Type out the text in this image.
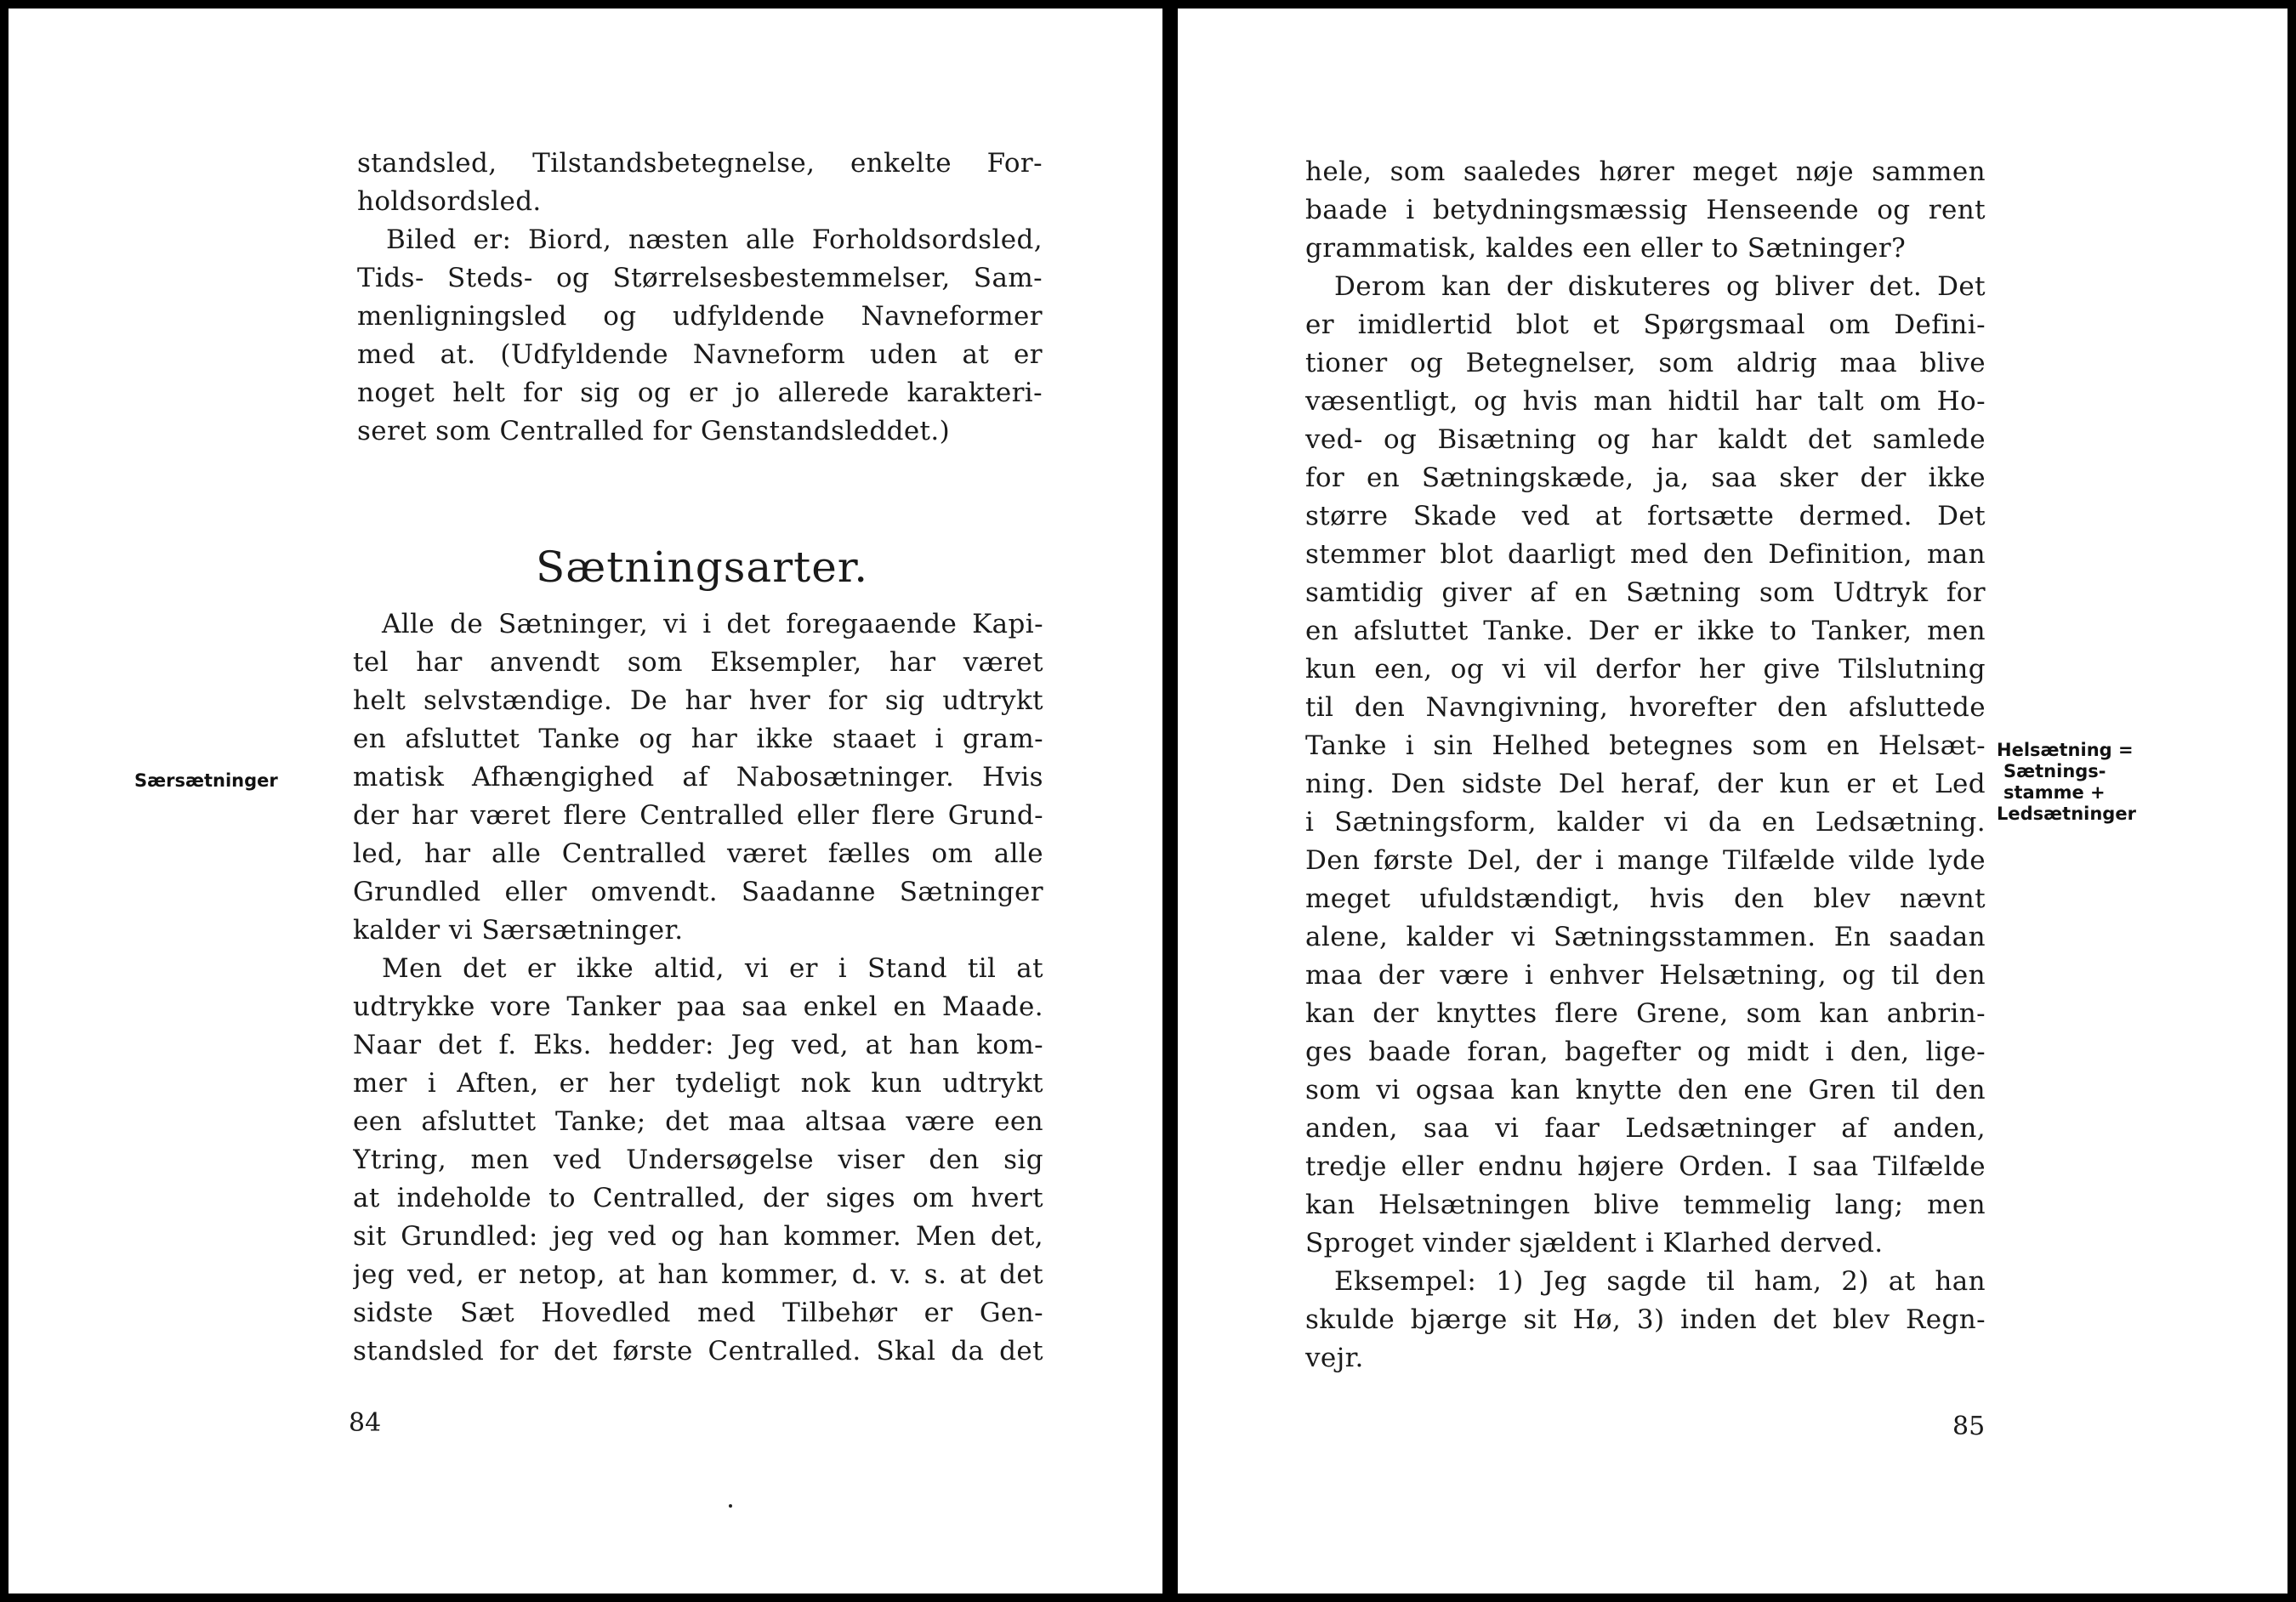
standsled, Tilstandsbetegnelse, enkelte For-
holdsordsled.
Biled er: Biord, næsten alle Forholdsordsled,
Tids- Steds- og Størrelsesbestemmelser, Sam-
menligningsled og udfyldende Navneformer
med at. (Udfyldende Navneform uden at er
noget helt for sig og er jo allerede karakteri-
seret som Centralled for Genstandsleddet.)
Sætningsarter.
Alle de Sætninger, vi i det foregaaende Kapi-
tel har anvendt som Eksempler, har været
helt selvstændige. De har hver for sig udtrykt
en afsluttet Tanke og har ikke staaet i gram-
matisk Afhængighed af Nabosætninger. Hvis
der har været flere Centralled eller flere Grund-
led, har alle Centralled været fælles om alle
Grundled eller omvendt. Saadanne Sætninger
kalder vi Særsætninger.
Men det er ikke altid, vi er i Stand til at
udtrykke vore Tanker paa saa enkel en Maade.
Naar det f. Eks. hedder: Jeg ved, at han kom-
mer i Aften, er her tydeligt nok kun udtrykt
een afsluttet Tanke; det maa altsaa være een
Ytring, men ved Undersøgelse viser den sig
at indeholde to Centralled, der siges om hvert
sit Grundled: jeg ved og han kommer. Men det,
jeg ved, er netop, at han kommer, d. v. s. at det
sidste Sæt Hovedled med Tilbehør er Gen-
standsled for det første Centralled. Skal da det
Særsætninger
84
hele, som saaledes hører meget nøje sammen
baade i betydningsmæssig Henseende og rent
grammatisk, kaldes een eller to Sætninger?
Derom kan der diskuteres og bliver det. Det
er imidlertid blot et Spørgsmaal om Defini-
tioner og Betegnelser, som aldrig maa blive
væsentligt, og hvis man hidtil har talt om Ho-
ved- og Bisætning og har kaldt det samlede
for en Sætningskæde, ja, saa sker der ikke
større Skade ved at fortsætte dermed. Det
stemmer blot daarligt med den Definition, man
samtidig giver af en Sætning som Udtryk for
en afsluttet Tanke. Der er ikke to Tanker, men
kun een, og vi vil derfor her give Tilslutning
til den Navngivning, hvorefter den afsluttede
Tanke i sin Helhed betegnes som en Helsæt-
ning. Den sidste Del heraf, der kun er et Led
i Sætningsform, kalder vi da en Ledsætning.
Den første Del, der i mange Tilfælde vilde lyde
meget ufuldstændigt, hvis den blev nævnt
alene, kalder vi Sætningsstammen. En saadan
maa der være i enhver Helsætning, og til den
kan der knyttes flere Grene, som kan anbrin-
ges baade foran, bagefter og midt i den, lige-
som vi ogsaa kan knytte den ene Gren til den
anden, saa vi faar Ledsætninger af anden,
tredje eller endnu højere Orden. I saa Tilfælde
kan Helsætningen blive temmelig lang; men
Sproget vinder sjældent i Klarhed derved.
Eksempel: 1) Jeg sagde til ham, 2) at han
skulde bjærge sit Hø, 3) inden det blev Regn-
vejr.
Helsætning =
Sætnings-
stamme +
Ledsætninger
85
